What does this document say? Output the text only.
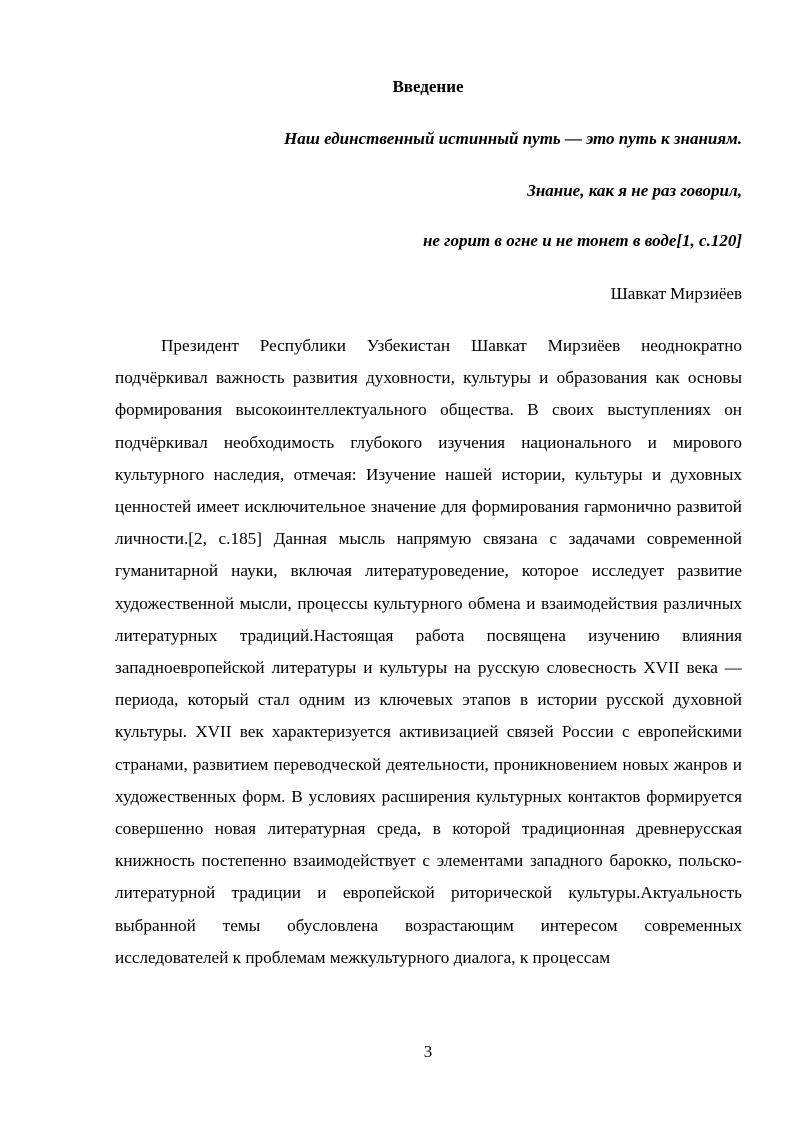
Введение
Наш единственный истинный путь — это путь к знаниям.
Знание, как я не раз говорил,
не горит в огне и не тонет в воде[1, с.120]
Шавкат Мирзиёев

Президент Республики Узбекистан Шавкат Мирзиёев неоднократно подчёркивал важность развития духовности, культуры и образования как основы формирования высокоинтеллектуального общества. В своих выступлениях он подчёркивал необходимость глубокого изучения национального и мирового культурного наследия, отмечая: Изучение нашей истории, культуры и духовных ценностей имеет исключительное значение для формирования гармонично развитой личности.[2, с.185] Данная мысль напрямую связана с задачами современной гуманитарной науки, включая литературоведение, которое исследует развитие художественной мысли, процессы культурного обмена и взаимодействия различных литературных традиций.Настоящая работа посвящена изучению влияния западноевропейской литературы и культуры на русскую словесность XVII века — периода, который стал одним из ключевых этапов в истории русской духовной культуры. XVII век характеризуется активизацией связей России с европейскими странами, развитием переводческой деятельности, проникновением новых жанров и художественных форм. В условиях расширения культурных контактов формируется совершенно новая литературная среда, в которой традиционная древнерусская книжность постепенно взаимодействует с элементами западного барокко, польско-литературной традиции и европейской риторической культуры.Актуальность выбранной темы обусловлена возрастающим интересом современных исследователей к проблемам межкультурного диалога, к процессам

3
